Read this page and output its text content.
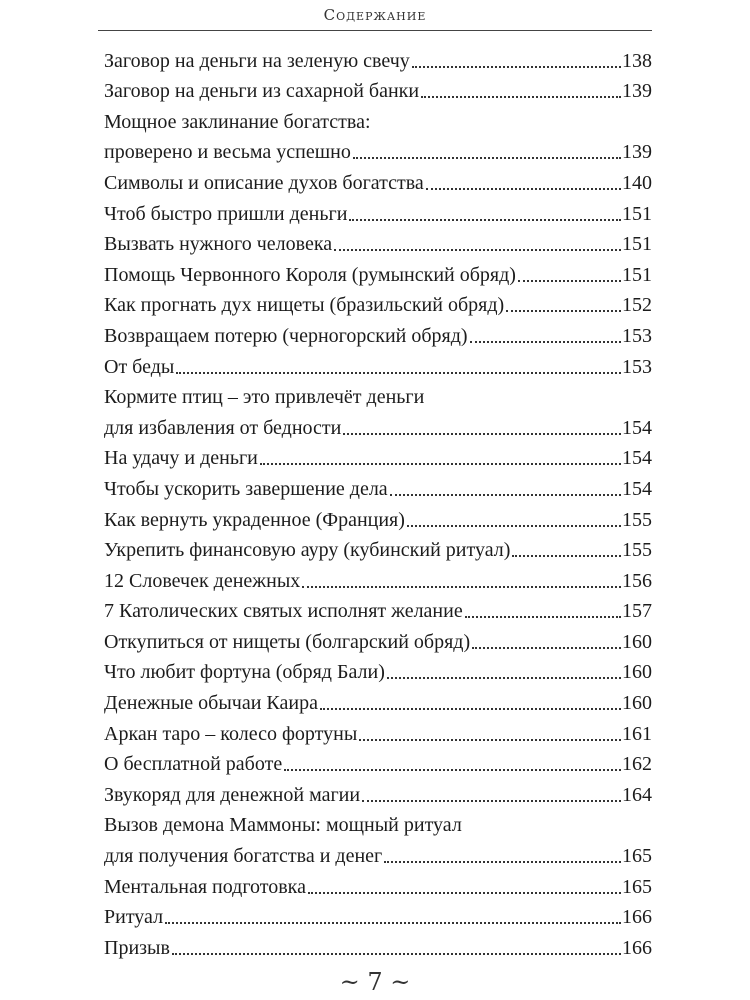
Содержание
Заговор на деньги на зеленую свечу	138
Заговор на деньги из сахарной банки	139
Мощное заклинание богатства:
проверено и весьма успешно	139
Символы и описание духов богатства	140
Чтоб быстро пришли деньги	151
Вызвать нужного человека	151
Помощь Червонного Короля (румынский обряд)	151
Как прогнать дух нищеты (бразильский обряд)	152
Возвращаем потерю (черногорский обряд)	153
От беды	153
Кормите птиц – это привлечёт деньги
для избавления от бедности	154
На удачу и деньги	154
Чтобы ускорить завершение дела	154
Как вернуть украденное (Франция)	155
Укрепить финансовую ауру (кубинский ритуал)	155
12 Словечек денежных	156
7 Католических святых исполнят желание	157
Откупиться от нищеты (болгарский обряд)	160
Что любит фортуна (обряд Бали)	160
Денежные обычаи Каира	160
Аркан таро – колесо фортуны	161
О бесплатной работе	162
Звукоряд для денежной магии	164
Вызов демона Маммоны: мощный ритуал
для получения богатства и денег	165
Ментальная подготовка	165
Ритуал	166
Призыв	166
~ 7 ~
